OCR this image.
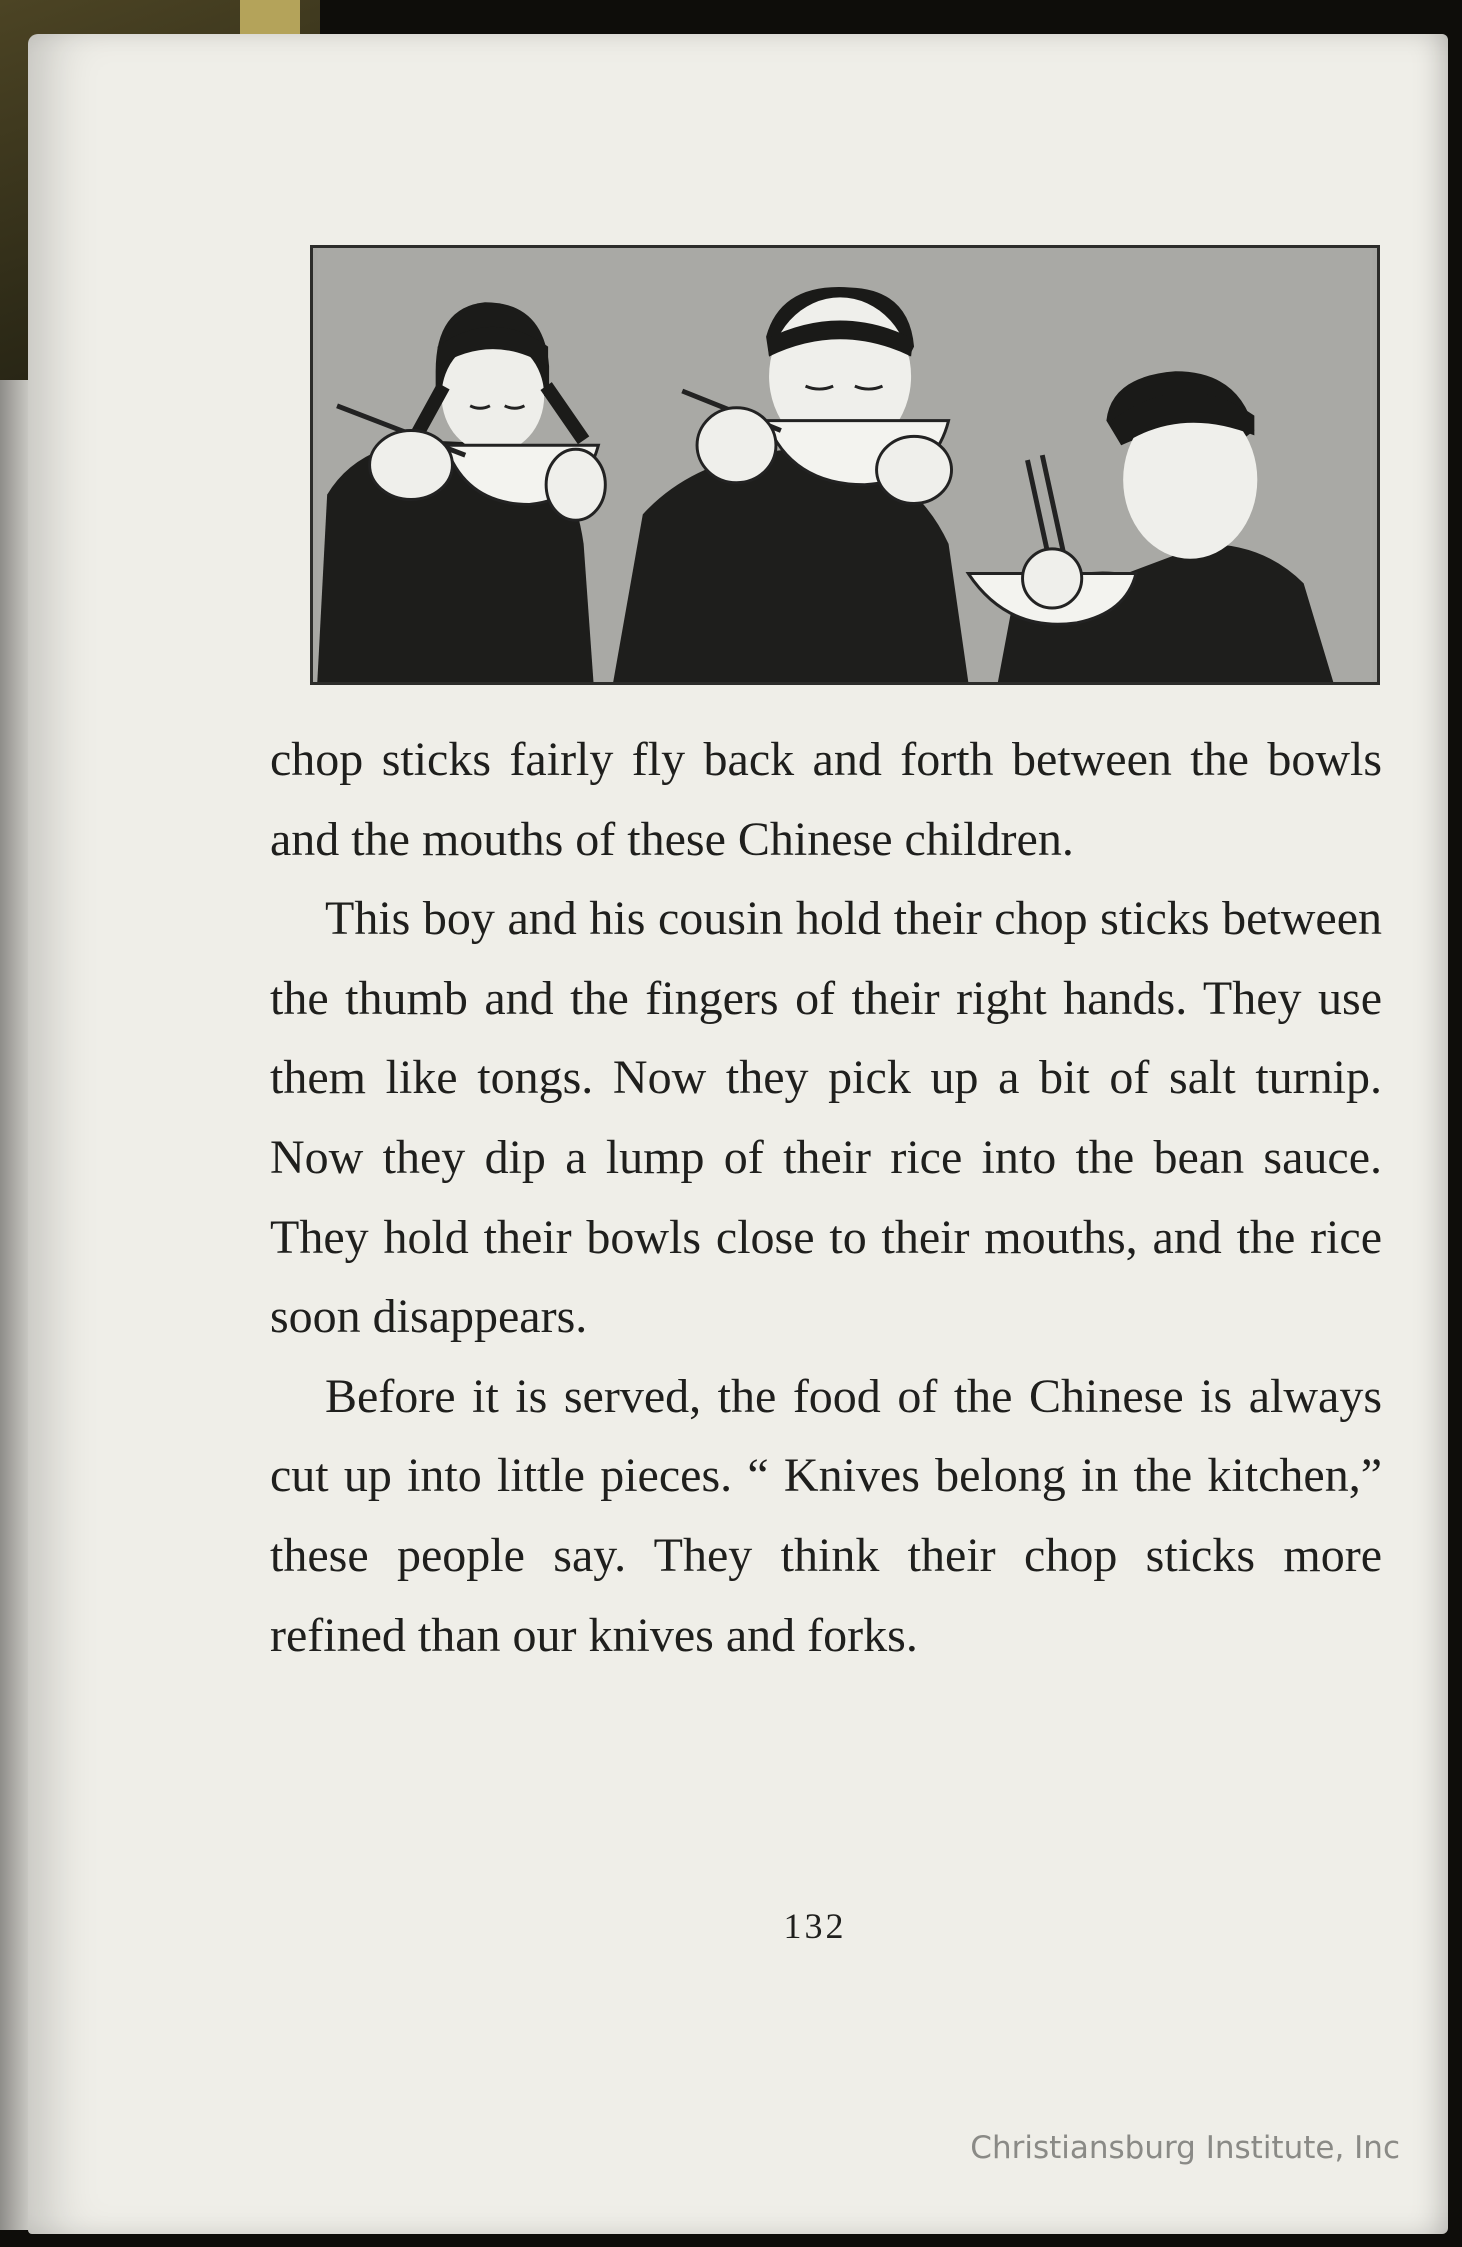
chop sticks fairly fly back and forth between the bowls and the mouths of these Chinese children.

This boy and his cousin hold their chop sticks between the thumb and the fingers of their right hands. They use them like tongs. Now they pick up a bit of salt turnip. Now they dip a lump of their rice into the bean sauce. They hold their bowls close to their mouths, and the rice soon disappears.

Before it is served, the food of the Chinese is always cut up into little pieces. “ Knives belong in the kitchen,” these people say. They think their chop sticks more refined than our knives and forks.

132
Christiansburg Institute, Inc
